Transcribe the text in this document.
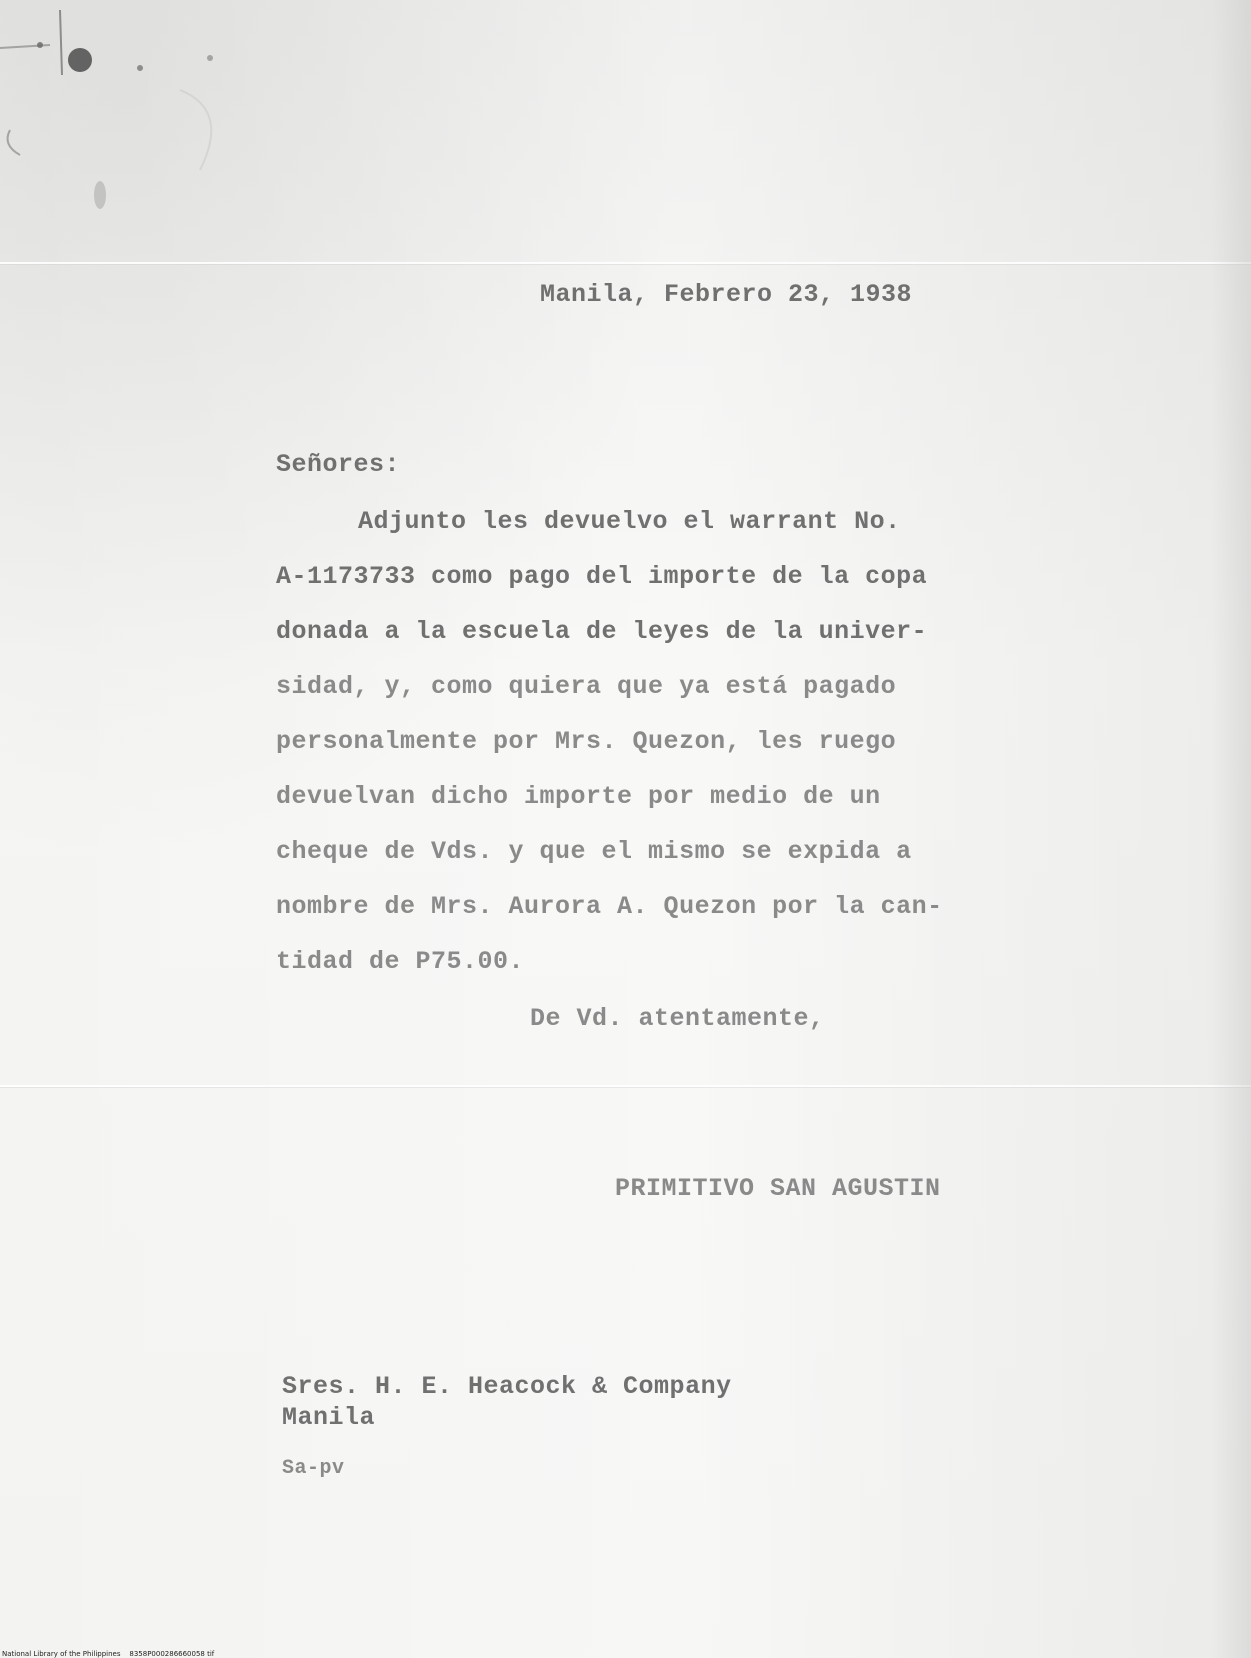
Manila, Febrero 23, 1938
Señores:
Adjunto les devuelvo el warrant No.
A-1173733 como pago del importe de la copa
donada a la escuela de leyes de la univer-
sidad, y, como quiera que ya está pagado
personalmente por Mrs. Quezon, les ruego
devuelvan dicho importe por medio de un
cheque de Vds. y que el mismo se expida a
nombre de Mrs. Aurora A. Quezon por la can-
tidad de P75.00.
De Vd. atentamente,
PRIMITIVO SAN AGUSTIN
Sres. H. E. Heacock & Company
Manila
Sa-pv
National Library of the Philippines    8358P000286660058 tif
